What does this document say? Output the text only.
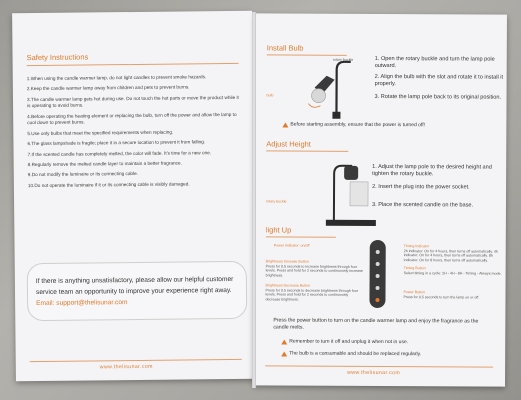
Safety Instructions
1.When using the candle warmer lamp, do not light candles to prevent smoke hazards.
2.Keep the candle warmer lamp away from children and pets to prevent burns.
3.The candle warmer lamp gets hot during use. Do not touch the hot parts or move the product while it is operating to avoid burns.
4.Before operating the heating element or replacing the bulb, turn off the power and allow the lamp to cool down to prevent burns.
5.Use only bulbs that meet the specified requirements when replacing.
6.The glass lampshade is fragile; place it in a secure location to prevent it from falling.
7.If the scented candle has completely melted, the color will fade. It's time for a new one.
8.Regularly remove the melted candle layer to maintain a better fragrance.
9.Do not modify the luminaire or its connecting cable.
10.Do not operate the luminaire if it or its connecting cable is visibly damaged.
If there is anything unsatisfactory, please allow our helpful customer service team an opportunity to improve your experience right away. Email: support@thelisunar.com
www.thelisunar.com
Install Bulb
rotary buckle
bulb
1. Open the rotary buckle and turn the lamp pole outward.
2. Align the bulb with the slot and rotate it to install it properly.
3. Rotate the lamp pole back to its original position.
Before starting assembly, ensure that the power is turned off!
Adjust Height
rotary buckle
1. Adjust the lamp pole to the desired height and tighten the rotary buckle.
2. Insert the plug into the power socket.
3. Place the scented candle on the base.
light Up
Power indicator: on/off
Brightness Increase Button
Press for 0.5 seconds to increase brightness through four levels. Press and hold for 2 seconds to continuously increase brightness.
Brightness Decrease Button
Press for 0.5 seconds to decrease brightness through four levels. Press and hold for 2 seconds to continuously decrease brightness.
Timing Indicator
2h indicator: On for 4 hours, then turns off automatically. 4h indicator: On for 4 hours, then turns off automatically. 8h indicator: On for 8 hours, then turns off automatically.
Timing Button
Select timing in a cycle: 2H - 4H - 8H - Timing - Always mode.
Power Button
Press for 0.5 seconds to turn the lamp on or off.
Press the power button to turn on the candle warmer lamp and enjoy the fragrance as the candle melts.
Remember to turn it off and unplug it when not in use.
The bulb is a consumable and should be replaced regularly.
www.thelisunar.com
